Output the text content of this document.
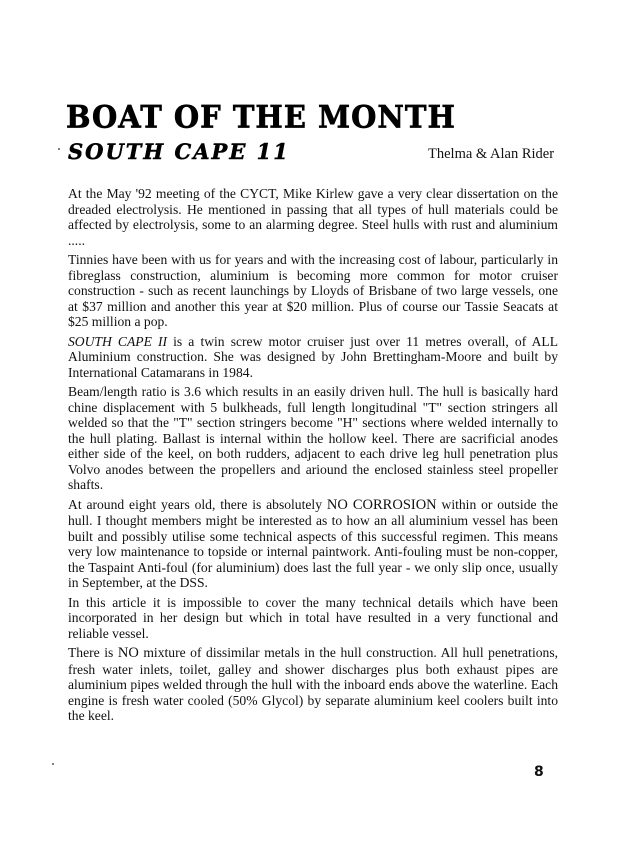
BOAT OF THE MONTH
SOUTH CAPE 11	Thelma & Alan Rider

At the May '92 meeting of the CYCT, Mike Kirlew gave a very clear dissertation on the dreaded electrolysis. He mentioned in passing that all types of hull materials could be affected by electrolysis, some to an alarming degree. Steel hulls with rust and aluminium .....

Tinnies have been with us for years and with the increasing cost of labour, particularly in fibreglass construction, aluminium is becoming more common for motor cruiser construction - such as recent launchings by Lloyds of Brisbane of two large vessels, one at $37 million and another this year at $20 million. Plus of course our Tassie Seacats at $25 million a pop.

SOUTH CAPE II is a twin screw motor cruiser just over 11 metres overall, of ALL Aluminium construction. She was designed by John Brettingham-Moore and built by International Catamarans in 1984.

Beam/length ratio is 3.6 which results in an easily driven hull. The hull is basically hard chine displacement with 5 bulkheads, full length longitudinal "T" section stringers all welded so that the "T" section stringers become "H" sections where welded internally to the hull plating. Ballast is internal within the hollow keel. There are sacrificial anodes either side of the keel, on both rudders, adjacent to each drive leg hull penetration plus Volvo anodes between the propellers and ariound the enclosed stainless steel propeller shafts.

At around eight years old, there is absolutely NO CORROSION within or outside the hull. I thought members might be interested as to how an all aluminium vessel has been built and possibly utilise some technical aspects of this successful regimen. This means very low maintenance to topside or internal paintwork. Anti-fouling must be non-copper, the Taspaint Anti-foul (for aluminium) does last the full year - we only slip once, usually in September, at the DSS.

In this article it is impossible to cover the many technical details which have been incorporated in her design but which in total have resulted in a very functional and reliable vessel.

There is NO mixture of dissimilar metals in the hull construction. All hull penetrations, fresh water inlets, toilet, galley and shower discharges plus both exhaust pipes are aluminium pipes welded through the hull with the inboard ends above the waterline. Each engine is fresh water cooled (50% Glycol) by separate aluminium keel coolers built into the keel.

8
